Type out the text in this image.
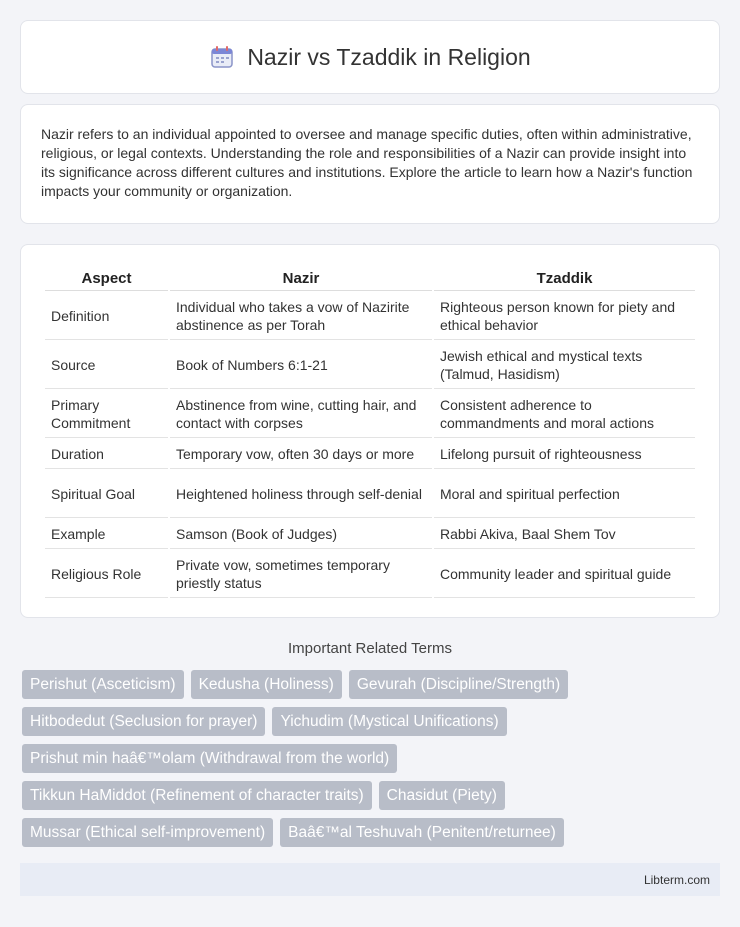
Nazir vs Tzaddik in Religion

Nazir refers to an individual appointed to oversee and manage specific duties, often within administrative, religious, or legal contexts. Understanding the role and responsibilities of a Nazir can provide insight into its significance across different cultures and institutions. Explore the article to learn how a Nazir's function impacts your community or organization.

Aspect	Nazir	Tzaddik
Definition	Individual who takes a vow of Nazirite abstinence as per Torah	Righteous person known for piety and ethical behavior
Source	Book of Numbers 6:1-21	Jewish ethical and mystical texts (Talmud, Hasidism)
Primary Commitment	Abstinence from wine, cutting hair, and contact with corpses	Consistent adherence to commandments and moral actions
Duration	Temporary vow, often 30 days or more	Lifelong pursuit of righteousness
Spiritual Goal	Heightened holiness through self-denial	Moral and spiritual perfection
Example	Samson (Book of Judges)	Rabbi Akiva, Baal Shem Tov
Religious Role	Private vow, sometimes temporary priestly status	Community leader and spiritual guide
Important Related Terms
Perishut (Asceticism)	Kedusha (Holiness)	Gevurah (Discipline/Strength)
Hitbodedut (Seclusion for prayer)	Yichudim (Mystical Unifications)
Prishut min haâ€™olam (Withdrawal from the world)
Tikkun HaMiddot (Refinement of character traits)	Chasidut (Piety)
Mussar (Ethical self-improvement)	Baâ€™al Teshuvah (Penitent/returnee)
Libterm.com
